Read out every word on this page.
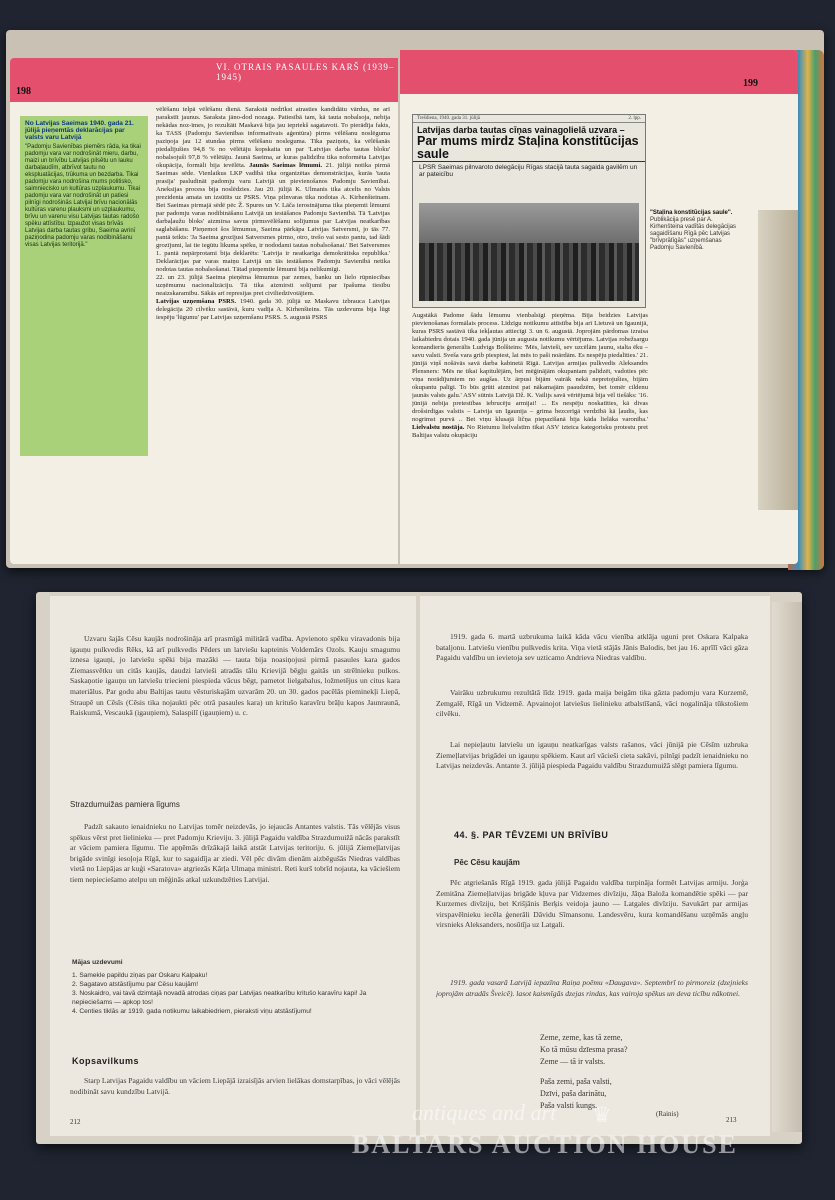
VI. OTRAIS PASAULES KARŠ (1939–1945)
198
No Latvijas Saeimas 1940. gada 21. jūlijā pieņemtās deklarācijas par valsts varu Latvijā
"Padomju Savienības piemērs rāda, ka tikai padomju vara var nodrošināt mieru, darbu, maizi un brīvību Latvijas pilsētu un lauku darbaļaudīm, atbrīvot tautu no ekspluatācijas, trūkuma un bezdarba. Tikai padomju vara nodrošina mums politisko, saimniecisko un kultūras uzplaukumu. Tikai padomju vara var nodrošināt un patiesi pilnīgi nodrošinās Latvijai brīvu nacionālās kultūras varenu plauksmi un uzplaukumu, brīvu un varenu visu Latvijas tautas radošo spēku attīstību. Izpaužot visas brīvās Latvijas darba tautas gribu, Saeima avrinī paziņodina padomju varas nodibināšanu visas Latvijas teritorijā."
vēlēšanu telpā vēlēšanu dienā. Sarakstā nedrīkst atrasties kandidātu vārdus, ne arī parakstīt jaunus. Saraksta jāno-dod nozaga. Patiesībā tam, kā tauta nobalsoja, nebija nekādas noz-īmes, jo rezultāti Maskavā bija jau iepriekš sagatavoti. To pierādīja fakts, ka TASS (Padomju Savienības informatīvais aģentūra) pirms vēlēšanu noslēguma paziņoja jau 12 stundas pirms vēlēšanu nosleguma. Tika paziņots, ka vēlēšanās piedalījušies 94,8 % no vēlētāju kopskaita un par 'Latvijas darba tautas bloku' nobalsojuši 97,8 % vēlētāju. Jaunā Saeima, ar kuras palīdzību tika noformēta Latvijas okupācija, formāli bija ievēlēta. Jaunās Saeimas lēmumi. 21. jūlijā notika pirmā Saeimas sēde. Vienlaikus LKP vadībā tika organizētas demonstrācijas, kurās 'tauta prasīja' pasludināt padomju varu Latvijā un pievienošanos Padomju Savienībai. Aneksijas process bija noslēdzies. Jau 20. jūlijā K. Ulmanis tika atcelts no Valsts prezidenta amata un izsūtīts uz PSRS. Viņa pilnvaras tika nodotas A. Kirhenšteinam. Bet Saeimas pirmajā sēdē pēc Ž. Spures un V. Lāča ierosinājuma tika pieņemti lēmumi par padomju varas nodibināšanu Latvijā un iestāšanos Padomju Savienībā. Tā 'Latvijas darbaļaužu bloks' aizmirsa savus pirmsvēlēšanu solījumus par Latvijas neatkarības saglabāšanu. Pieņemot šos lēmumus, Saeima pārkāpa Latvijas Satversmi, jo tās 77. pantā teikts: 'Ja Saeima grozījusi Satversmes pirmo, otro, trešo vai sesto pantu, tad šādi grozījumi, lai tie iegūtu likuma spēku, ir nododami tautas nobalsošanai.' Bet Satversmes 1. pantā nepārprotami bija deklarēts: 'Latvija ir neatkarīga demokrātiska republika.' Deklarācijas par varas maiņu Latvijā un tās iestāšanos Padomju Savienībā netika nodotas tautas nobalsošanai. Tātad pieņemtie lēmumi bija nelikumīgi.
22. un 23. jūlijā Saeima pieņēma lēmumus par zemes, banku un lielo rūpniecības uzņēmumu nacionalizāciju. Tā tika aizmirsti solījumi par īpašuma tiesību neaizskaramību. Sākās arī represijas pret civiliedzīvotājiem.
Latvijas uzņemšana PSRS. 1940. gada 30. jūlijā uz Maskavu izbrauca Latvijas delegācija 20 cilvēku sastāvā, kuru vadīja A. Kirhenšteins. Tās uzdevums bija lūgt iespēju 'lūgumu' par Latvijas uzņemšanu PSRS. 5. augustā PSRS
199
Trešdiena, 1940. gada 31. jūlijā	2. lpp.
Latvijas darba tautas cīņas vainagolielā uzvara –
Par mums mirdz Staļina konstitūcijas saule
LPSR Saeimas pilnvaroto delegāciju Rīgas stacijā tauta sagaida gavilēm un ar pateicību
"Staļina konstitūcijas saule".
Publikācija presē par A. Kirhenšteina vadītās delegācijas sagaidīšanu Rīgā pēc Latvijas "brīvprātīgās" uzņemšanas Padomju Savienībā.
Augstākā Padome šādu lēmumu vienbalsīgi pieņēma. Bija beidzies Latvijas pievienošanas formālais process. Līdzīgu notikumu attīstība bija arī Lietuvā un Igaunijā, kuras PSRS sastāvā tika iekļautas attiecīgi 3. un 6. augustā. Joprojām pārdomas izraisa laikabiedru dotais 1940. gada jūnija un augusta notikumu vērtējums. Latvijas robežsargu komandieris ģenerālis Ludvigs Bolšteins: 'Mēs, latvieši, sev uzcēlām jaunu, stalta ēku – savu valsti. Sveša vara grib piespiest, lai mēs to paši noārdām. Es nespēju piedalīties.' 21. jūnijā viņš nošāvās savā darba kabinetā Rīgā. Latvijas armijas pulkvedis Aleksandrs Plensners: 'Mēs ne tikai kapitulējām, bet mēģinājām okupantam palīdzēt, vadoties pēc viņa norādījumiem no augšas. Uz ārpusi bijām vairāk nekā nepretojušies, bijām okupantu palīgi. To būs grūti aizmirst pat nākamajām paaudzēm, bet tomēr cildenu jaunās valsts galu.' ASV sūtnis Latvijā Dž. K. Vailijs savā vērtējumā bija vēl tiešāks: '16. jūnijā nebija pretestības iebrucēju armijai! ... Es nespēju noskatīties, kā divas drošsirdīgas valstis – Latvija un Igaunija – grima bezcerīgā verdzībā kā ļaudis, kas nogrimst purvā .. Bet viņu klusajā ličņa piepazīšanā bija kāda lielāka varonība.' Lielvalstu nostāja. No Rietumu lielvalstīm tikai ASV izteica kategorisku protestu pret Baltijas valstu okupāciju
Uzvaru šajās Cēsu kaujās nodrošināja arī prasmīgā militārā vadība. Apvienoto spēku viravadonis bija igauņu pulkvedis Rēks, kā arī pulkvedis Pēders un latviešu kapteinis Voldemārs Ozols. Kauju smagumu iznesa igauņi, jo latviešu spēki bija mazāki — tauta bija noasiņojusi pirmā pasaules kara gados Ziemassvētku un citās kaujās, daudzi latvieši atradās tālu Krievijā bēgļu gaitās un strēlnieku pulkos. Saskaņotie igauņu un latviešu triecieni piespieda vācus bēgt, pametot lielgabalus, ložmetējus un citus kara materiālus. Par godu abu Baltijas tautu vēsturiskajām uzvarām 20. un 30. gados pacēlās pieminekļi Liepā, Straupē un Cēsīs (Cēsis tika nojaukti pēc otrā pasaules kara) un kritušo karavīru brāļu kapos Jaunraunā, Raiskumā, Vescaukā (igauņiem), Salaspilī (igauņiem) u. c.
Strazdumuižas pamiera līgums
Padzīt sakauto ienaidnieku no Latvijas tomēr neizdevās, jo iejaucās Antantes valstis. Tās vēlējās visus spēkus vērst pret lielinieku — pret Padomju Krieviju. 3. jūlijā Pagaidu valdība Strazdumuižā nācās parakstīt ar vāciem pamiera līgumu. Tie apņēmās drīzākajā laikā atstāt Latvijas teritoriju. 6. jūlijā Ziemeļlatvijas brigāde svinīgi iesoļoja Rīgā, kur to sagaidīja ar ziedi. Vēl pēc divām dienām aizbēgušās Niedras valdības vietā no Liepājas ar kuģi «Saratova» atgriezās Kārļa Ulmaņa ministri. Reti kurš tobrīd nojauta, ka vāciešiem tiem nepieciešamo atelpu un mēģinās atkal uzkundzēties Latvijai.
Mājas uzdevumi
1. Samekle papildu ziņas par Oskaru Kalpaku!
2. Sagatavo atstāstījumu par Cēsu kaujām!
3. Noskaidro, vai tavā dzimtajā novadā atrodas ciņas par Latvijas neatkarību kritušo karavīru kapi! Ja nepieciešams — apkop tos!
4. Centies tiklās ar 1919. gada notikumu laikabiedriem, pieraksti viņu atstāstījumu!
Kopsavilkums
Starp Latvijas Pagaidu valdību un vāciem Liepājā izraisījās arvien lielākas domstarpības, jo vāci vēlējās nodibināt savu kundzību Latvijā.
212
1919. gada 6. martā uzbrukuma laikā kāda vācu vienība atklāja uguni pret Oskara Kalpaka bataljonu. Latviešu vienību pulkvedis krita. Viņa vietā stājās Jānis Balodis, bet jau 16. aprīlī vāci gāza Pagaidu valdību un ievietoja sev uzticamo Andrieva Niedras valdību.
Vairāku uzbrukumu rezultātā līdz 1919. gada maija beigām tika gāzta padomju vara Kurzemē, Zemgalē, Rīgā un Vidzemē. Apvainojot latviešus lielinieku atbalstīšanā, vāci nogalināja tūkstošiem cilvēku.
Lai nepieļautu latviešu un igauņu neatkarīgas valsts rašanos, vāci jūnijā pie Cēsīm uzbruka Ziemeļlatvijas brigādei un igauņu spēkiem. Kaut arī vācieši cieta sakāvi, pilnīgi padzīt ienaidnieku no Latvijas neizdevās. Antante 3. jūlijā piespieda Pagaidu valdību Strazdumuižā slēgt pamiera līgumu.
44. §. PAR TĒVZEMI UN BRĪVĪBU
Pēc Cēsu kaujām
Pēc atgriešanās Rīgā 1919. gada jūlijā Pagaidu valdība turpināja formēt Latvijas armiju. Jorģa Zemitāna Ziemeļlatvijas brigāde kļuva par Vidzemes divīziju, Jāņa Baloža komandētie spēki — par Kurzemes divīziju, bet Krišjānis Berķis veidoja jauno — Latgales divīziju. Savukārt par armijas virspavēlnieku iecēla ģenerāli Dāvidu Sīmansonu. Landesvēru, kura komandēšanu uzņēmās angļu virsnieks Aleksanders, nosūtīja uz Latgali.
1919. gada vasarā Latvijā iepazīna Raiņa poēmu «Daugava». Septembrī to pirmoreiz (dzejnieks joprojām atradās Šveicē). lasot kaismīgās dzejas rindas, kas vairoja spēkus un deva ticību nākotnei.
Zeme, zeme, kas tā zeme,
Ko tā mūsu dzīesma prasa?
Zeme — tā ir valsts.
Paša zemi, paša valsti,
Dzīvi, paša darinātu,
Paša valsti kungs.
(Rainis)
213
antiques and art ♛
BALTARS AUCTION HOUSE
